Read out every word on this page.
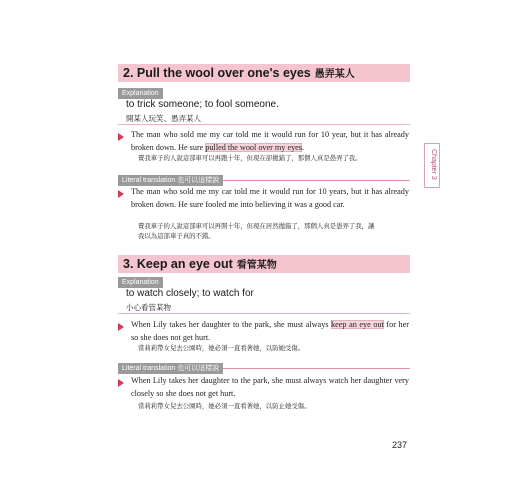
2. Pull the wool over one's eyes 愚弄某人
Explanation
to trick someone; to fool someone.
開某人玩笑、愚弄某人
The man who sold me my car told me it would run for 10 year, but it has already broken down. He sure pulled the wool over my eyes.
賣我車子的人說這部車可以再跑十年，但現在卻拋錨了，那個人真是愚弄了我。
Literal translation 也可以這樣說
The man who sold me my car told me it would run for 10 years, but it has already broken down. He sure fooled me into believing it was a good car.
賣我車子的人說這部車可以再開十年，但現在居然拋錨了，那個人真是愚弄了我，讓
我以為這部車子真的不錯。
3. Keep an eye out 看管某物
Explanation
to watch closely; to watch for
小心看管某物
When Lily takes her daughter to the park, she must always keep an eye out for her so she does not get hurt.
當莉莉帶女兒去公園時，她必須一直看著她，以防她受傷。
Literal translation 也可以這樣說
When Lily takes her daughter to the park, she must always watch her daughter very closely so she does not get hurt.
當莉莉帶女兒去公園時，她必須一直看著她，以防止她受傷。
Chapter 3
237
